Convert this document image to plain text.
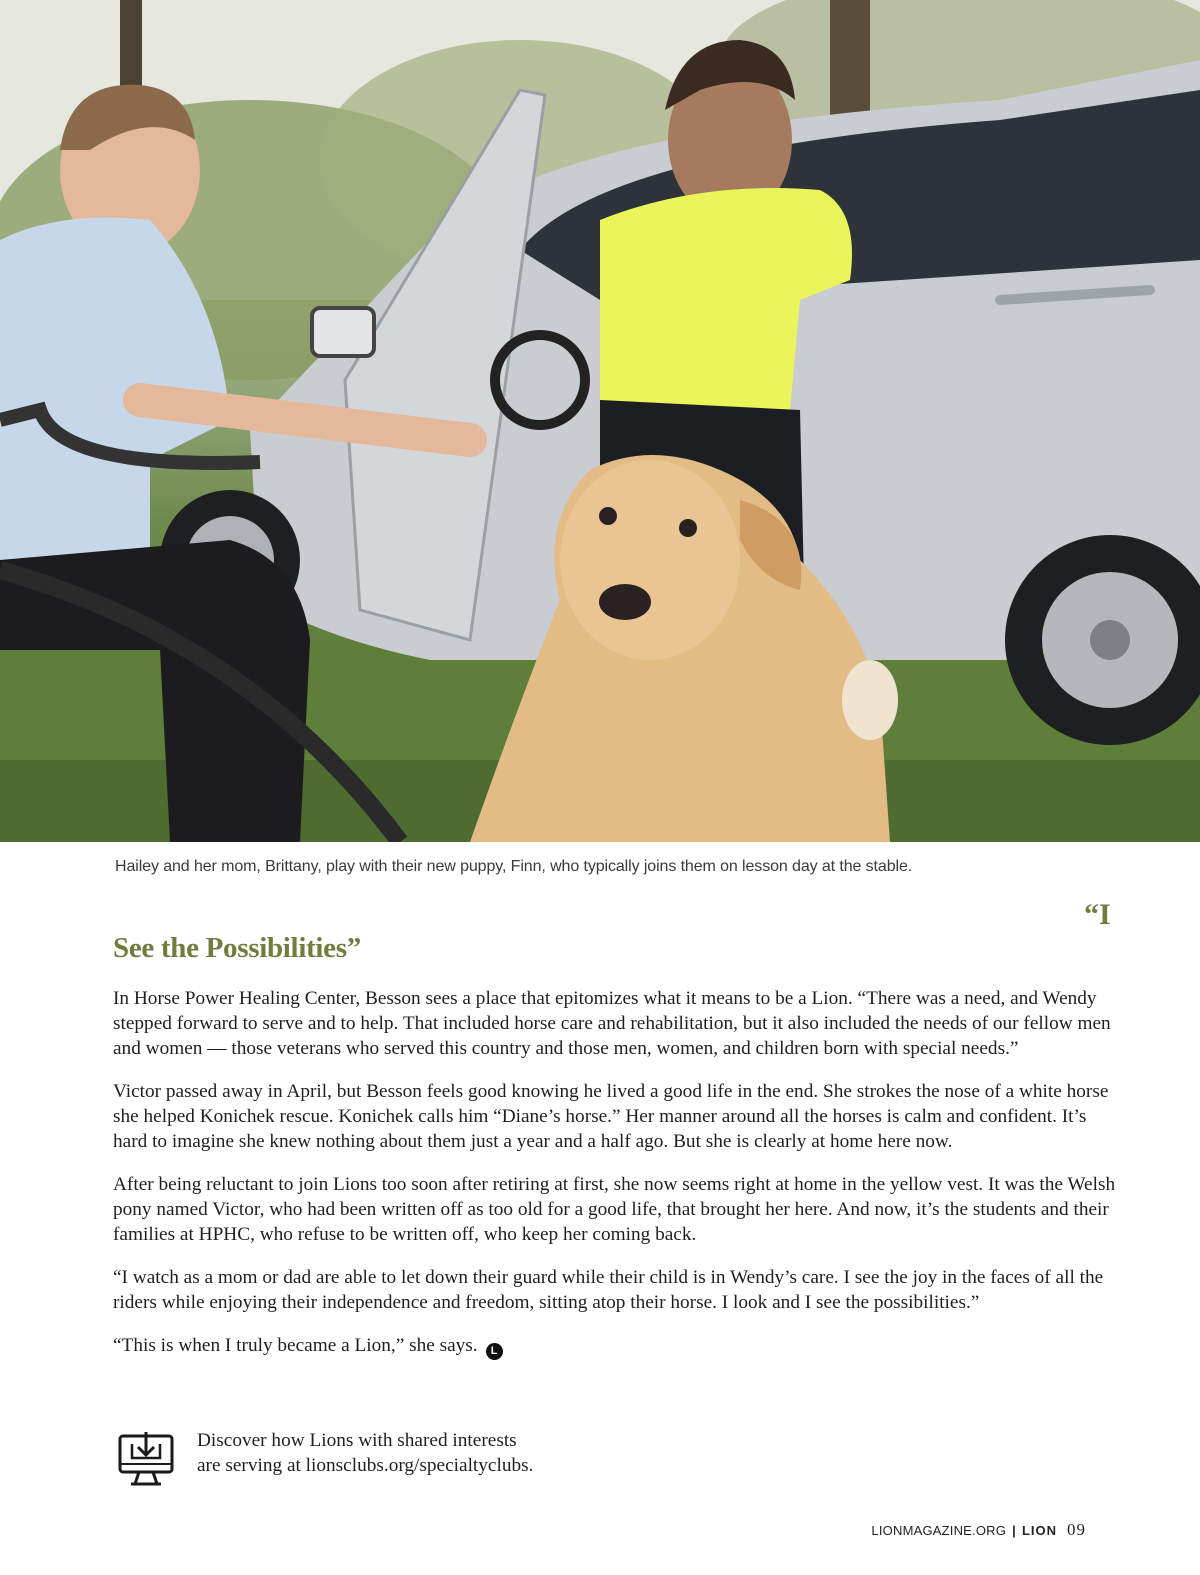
Hailey and her mom, Brittany, play with their new puppy, Finn, who typically joins them on lesson day at the stable.
“I
See the Possibilities”

In Horse Power Healing Center, Besson sees a place that epitomizes what it means to be a Lion. “There was a need, and Wendy stepped forward to serve and to help. That included horse care and rehabilitation, but it also included the needs of our fellow men and women — those veterans who served this country and those men, women, and children born with special needs.”

Victor passed away in April, but Besson feels good knowing he lived a good life in the end. She strokes the nose of a white horse she helped Konichek rescue. Konichek calls him “Diane’s horse.” Her manner around all the horses is calm and confident. It’s hard to imagine she knew nothing about them just a year and a half ago. But she is clearly at home here now.

After being reluctant to join Lions too soon after retiring at first, she now seems right at home in the yellow vest. It was the Welsh pony named Victor, who had been written off as too old for a good life, that brought her here. And now, it’s the students and their families at HPHC, who refuse to be written off, who keep her coming back.

“I watch as a mom or dad are able to let down their guard while their child is in Wendy’s care. I see the joy in the faces of all the riders while enjoying their independence and freedom, sitting atop their horse. I look and I see the possibilities.”

“This is when I truly became a Lion,” she says. L

Discover how Lions with shared interests
are serving at lionsclubs.org/specialtyclubs.
LIONMAGAZINE.ORG | LION 09
